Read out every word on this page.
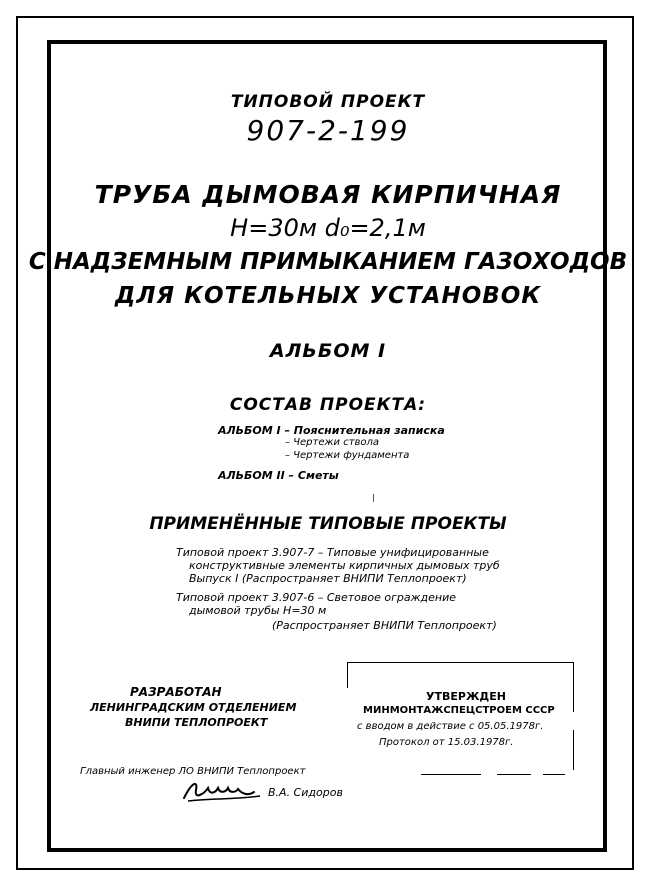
ТИПОВОЙ ПРОЕКТ
907-2-199
ТРУБА ДЫМОВАЯ КИРПИЧНАЯ
H=30м d₀=2,1м
С НАДЗЕМНЫМ ПРИМЫКАНИЕМ ГАЗОХОДОВ
ДЛЯ КОТЕЛЬНЫХ УСТАНОВОК
АЛЬБОМ I
СОСТАВ ПРОЕКТА:
АЛЬБОМ I – Пояснительная записка
– Чертежи ствола
– Чертежи фундамента
АЛЬБОМ II – Сметы
ПРИМЕНЁННЫЕ ТИПОВЫЕ ПРОЕКТЫ
Типовой проект 3.907-7 – Типовые унифицированные
конструктивные элементы кирпичных дымовых труб
Выпуск I (Распространяет ВНИПИ Теплопроект)
Типовой проект 3.907-6 – Световое ограждение
дымовой трубы Н=30 м
(Распространяет ВНИПИ Теплопроект)
РАЗРАБОТАН
ЛЕНИНГРАДСКИМ ОТДЕЛЕНИЕМ
ВНИПИ ТЕПЛОПРОЕКТ
УТВЕРЖДЕН
МИНМОНТАЖСПЕЦСТРОЕМ СССР
с вводом в действие с 05.05.1978г.
Протокол от 15.03.1978г.
Главный инженер ЛО ВНИПИ Теплопроект
В.А. Сидоров
